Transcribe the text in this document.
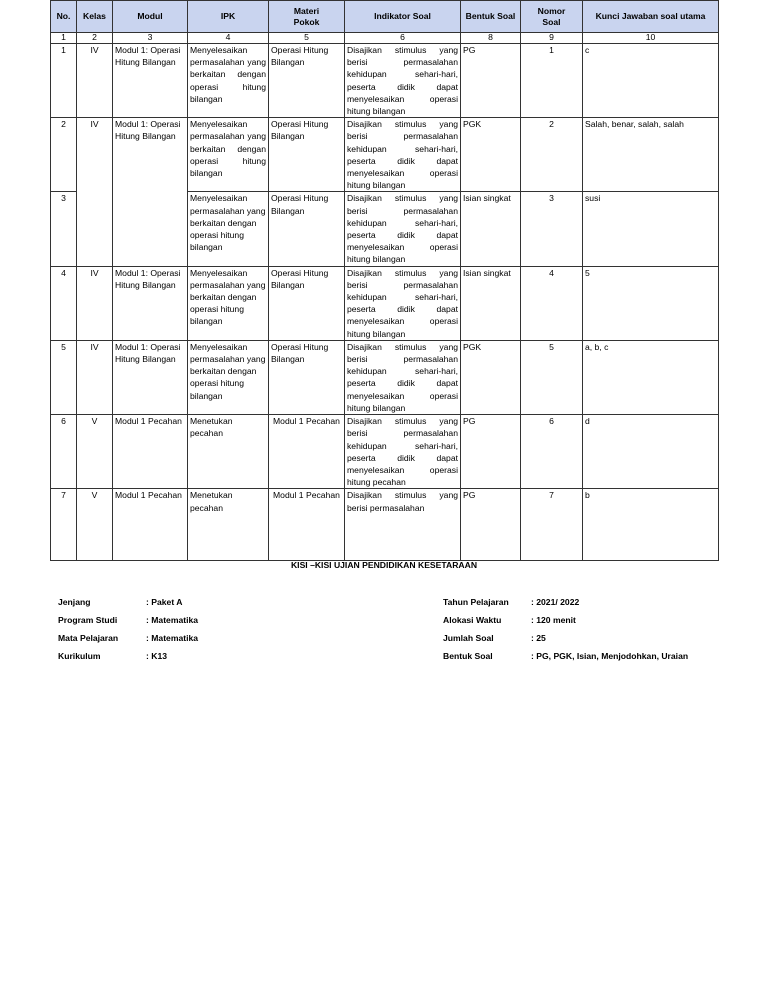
No.	Kelas	Modul	IPK	Materi Pokok	Indikator Soal	Bentuk Soal	Nomor Soal	Kunci Jawaban soal utama
1	2	3	4	5	6	8	9	10
1	IV	Modul 1: Operasi Hitung Bilangan	Menyelesaikan permasalahan yang berkaitan dengan operasi hitung bilangan	Operasi Hitung Bilangan	Disajikan stimulus yang berisi permasalahan kehidupan sehari-hari, peserta didik dapat menyelesaikan operasi hitung bilangan	PG	1	c
2	IV	Modul 1: Operasi Hitung Bilangan	Menyelesaikan permasalahan yang berkaitan dengan operasi hitung bilangan	Operasi Hitung Bilangan	Disajikan stimulus yang berisi permasalahan kehidupan sehari-hari, peserta didik dapat menyelesaikan operasi hitung bilangan	PGK	2	Salah, benar, salah, salah
3			Menyelesaikan permasalahan yang berkaitan dengan operasi hitung bilangan	Operasi Hitung Bilangan	Disajikan stimulus yang berisi permasalahan kehidupan sehari-hari, peserta didik dapat menyelesaikan operasi hitung bilangan	Isian singkat	3	susi
4	IV	Modul 1: Operasi Hitung Bilangan	Menyelesaikan permasalahan yang berkaitan dengan operasi hitung bilangan	Operasi Hitung Bilangan	Disajikan stimulus yang berisi permasalahan kehidupan sehari-hari, peserta didik dapat menyelesaikan operasi hitung bilangan	Isian singkat	4	5
5	IV	Modul 1: Operasi Hitung Bilangan	Menyelesaikan permasalahan yang berkaitan dengan operasi hitung bilangan	Operasi Hitung Bilangan	Disajikan stimulus yang berisi permasalahan kehidupan sehari-hari, peserta didik dapat menyelesaikan operasi hitung bilangan	PGK	5	a, b, c
6	V	Modul 1 Pecahan	Menetukan pecahan	Modul 1 Pecahan	Disajikan stimulus yang berisi permasalahan kehidupan sehari-hari, peserta didik dapat menyelesaikan operasi hitung pecahan	PG	6	d
7	V	Modul 1 Pecahan	Menetukan pecahan	Modul 1 Pecahan	Disajikan stimulus yang berisi permasalahan	PG	7	b
KISI –KISI UJIAN PENDIDIKAN KESETARAAN
Jenjang	: Paket A
Program Studi	: Matematika
Mata Pelajaran	: Matematika
Kurikulum	: K13
Tahun Pelajaran	: 2021/ 2022
Alokasi Waktu	: 120 menit
Jumlah Soal	: 25
Bentuk Soal	: PG, PGK, Isian, Menjodohkan, Uraian
